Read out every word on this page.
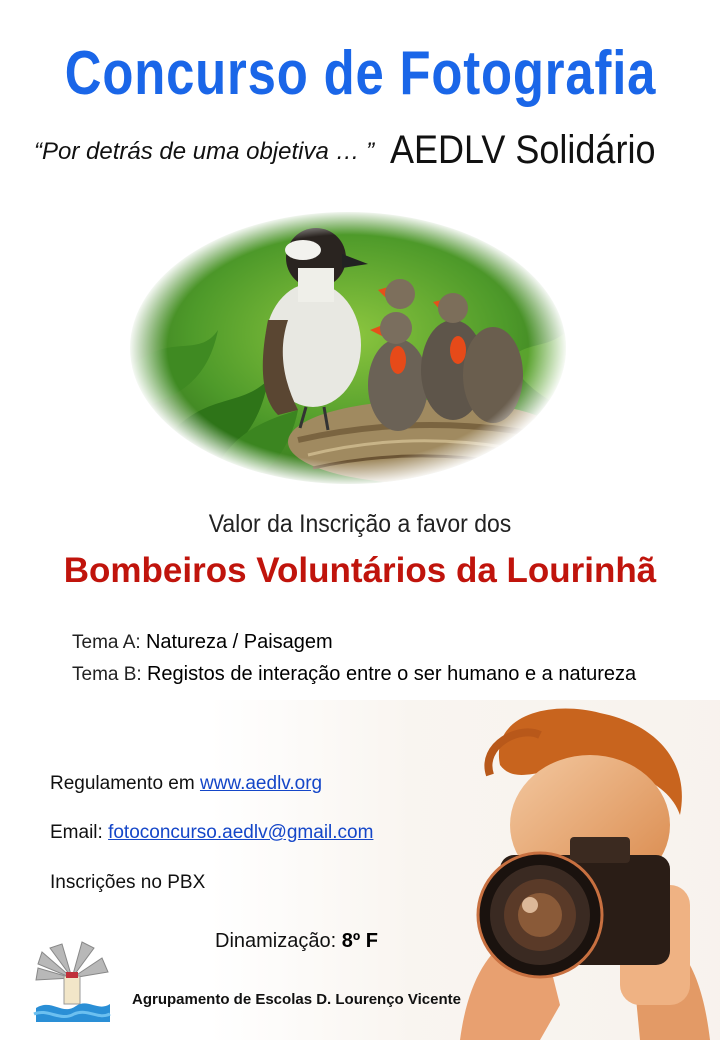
Concurso de Fotografia
“Por detrás de uma objetiva … ” AEDLV Solidário
Valor da Inscrição a favor dos
Bombeiros Voluntários da Lourinhã
Tema A: Natureza / Paisagem
Tema B: Registos de interação entre o ser humano e a natureza
Regulamento em www.aedlv.org
Email: fotoconcurso.aedlv@gmail.com
Inscrições no PBX
Dinamização: 8º F
Agrupamento de Escolas D. Lourenço Vicente
